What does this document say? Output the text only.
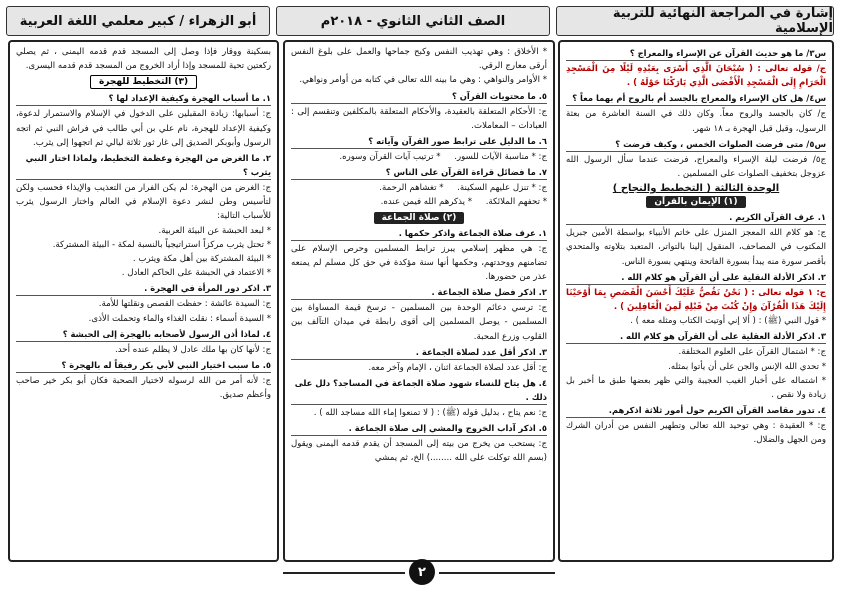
إشارة في المراجعة النهائية للتربية الإسلامية
الصف الثاني الثانوي - ٢٠١٨م
أبو الزهراء / كبير معلمي اللغة العربية

س٣/ ما هو حديث القرآن عن الإسراء والمعراج ؟

ج/ قوله تعالى : ( سُبْحَانَ الَّذِي أَسْرَى بِعَبْدِهِ لَيْلًا مِنَ الْمَسْجِدِ الْحَرَامِ إِلَى الْمَسْجِدِ الْأَقْصَى الَّذِي بَارَكْنَا حَوْلَهُ ) .

س٤/ هل كان الإسراء والمعراج بالجسد أم بالروح أم بهما معاً ؟

ج/ كان بالجسد والروح معاً. وكان ذلك في السنة العاشرة من بعثة الرسول، وقيل قبل الهجرة بـ ١٨ شهر.

س٥/ متى فرضت الصلوات الخمس ، وكيف فرضت ؟

ج٥/ فرضت ليلة الإسراء والمعراج، فرضت عندما سأل الرسول الله عزوجل بتخفيف الصلوات على المسلمين .

الوحدة الثالثة ( التخطيط والنجاح )
(١) الإيمان بالقرآن

١. عرف القرآن الكريم .

ج: هو كلام الله المعجز المنزل على خاتم الأنبياء بواسطة الأمين جبريل المكتوب في المصاحف، المنقول إلينا بالتواتر، المتعبد بتلاوته والمتحدي بأقصر سورة منه يبدأ بسورة الفاتحة وينتهي بسورة الناس.

٢. اذكر الأدلة النقلية على أن القرآن هو كلام الله .

ج: ١ قوله تعالى : ( نَحْنُ نَقُصُّ عَلَيْكَ أَحْسَنَ الْقَصَصِ بِمَا أَوْحَيْنَا إِلَيْكَ هَذَا الْقُرْآنَ وَإِنْ كُنْتَ مِنْ قَبْلِهِ لَمِنَ الْغَافِلِينَ ) .

* قول النبي (ﷺ) : ( ألا إني أوتيت الكتاب ومثله معه ) .

٣. اذكر الأدلة العقلية على أن القرآن هو كلام الله .

ج: * اشتمال القرآن على العلوم المختلفة.

* تحدي الله الإنس والجن على أن يأتوا بمثله.

* اشتماله على أخبار الغيب العجيبة والتي ظهر بعضها طبق ما أخبر بل زيادة ولا نقص .

٤. تدور مقاصد القرآن الكريم حول أمور ثلاثة اذكرهم.

ج: * العقيدة : وهي توحيد الله تعالى وتطهير النفس من أدران الشرك ومن الجهل والضلال.

* الأخلاق : وهي تهذيب النفس وكبح جماحها والعمل على بلوغ النفس أرقى معارج الرقي.

* الأوامر والنواهي : وهي ما بينه الله تعالى في كتابه من أوامر ونواهي.

٥. ما محتويات القرآن ؟

ج: الأحكام المتعلقة بالعقيدة، والأحكام المتعلقة بالمكلفين وتنقسم إلى : العبادات – المعاملات.

٦. ما الدليل على ترابط صور القرآن وآياته ؟

ج: * مناسبة الآيات للسور.     * ترتيب آيات القرآن وسوره.

٧. ما فضائل قراءة القرآن على الناس ؟

ج: * تنزل عليهم السكينة.     * تغشاهم الرحمة.

* تحفهم الملائكة.     * يذكرهم الله فيمن عنده.

(٢) صلاة الجماعة

١. عرف صلاة الجماعة واذكر حكمها .

ج: هي مظهر إسلامي يبرز ترابط المسلمين وحرص الإسلام على تضامنهم ووحدتهم، وحكمها أنها سنة مؤكدة في حق كل مسلم لم يمنعه عذر من حضورها.

٢. اذكر فضل صلاة الجماعة .

ج: ترسي دعائم الوحدة بين المسلمين - ترسخ قيمة المساواة بين المسلمين - يوصل المسلمين إلى أقوى رابطة في ميدان التآلف بين القلوب وزرع المحبة.

٣. اذكر أقل عدد لصلاة الجماعة .

ج: أقل عدد لصلاة الجماعة اثنان ، الإمام وآخر معه.

٤. هل يتاح للنساء شهود صلاة الجماعة في المساجد؟ دلل على ذلك .

ج: نعم يتاح ، بدليل قوله (ﷺ) : ( لا تمنعوا إماء الله مساجد الله ) .

٥. اذكر آداب الخروج والمشي إلى صلاة الجماعة .

ج: يستحب من يخرج من بيته إلى المسجد أن يقدم قدمه اليمنى ويقول (بسم الله توكلت على الله ........) الخ، ثم يمشي

بسكينة ووقار فإذا وصل إلى المسجد قدم قدمه اليمنى ، ثم يصلي ركعتين تحية للمسجد وإذا أراد الخروج من المسجد قدم قدمه اليسرى.

(٣) التخطيط للهجرة

١. ما أسباب الهجرة وكيفية الإعداد لها ؟

ج: أسبابها: زيادة المقبلين على الدخول في الإسلام والاستمرار لدعوة، وكيفية الإعداد للهجرة، نام علي بن أبي طالب في فراش النبي ثم اتجه الرسول وأبوبكر الصديق إلى غار ثور ثلاثة ليالي ثم اتجهوا إلى يثرب.

٢. ما الغرض من الهجرة وعظمة التخطيط، ولماذا اختار النبي يثرب ؟

ج: الغرض من الهجرة: لم يكن الفرار من التعذيب والإيذاء فحسب ولكن لتأسيس وطن لنشر دعوة الإسلام في العالم واختار الرسول يثرب للأسباب التالية:

* لبعد الحبشة عن البيئة العربية.

* تحتل يثرب مركزاً استراتيجياً بالنسبة لمكة - البيئة المشتركة.

* البيئة المشتركة بين أهل مكة ويثرب .

* الاعتماد في الحبشة على الحاكم العادل .

٣. اذكر دور المرأة في الهجرة .

ج: السيدة عائشة : حفظت القصص ونقلتها للأمة.

* السيدة أسماء : نقلت الغذاء والماء وتحملت الأذى.

٤. لماذا أذن الرسول لأصحابه بالهجرة إلى الحبشة ؟

ج: لأنها كان بها ملك عادل لا يظلم عنده أحد.

٥. ما سبب اختيار النبي لأبي بكر رفيقاً له بالهجرة ؟

ج: لأنه أمر من الله لرسوله لاختيار الصحبة فكان أبو بكر خير صاحب وأعظم صديق.

٢
